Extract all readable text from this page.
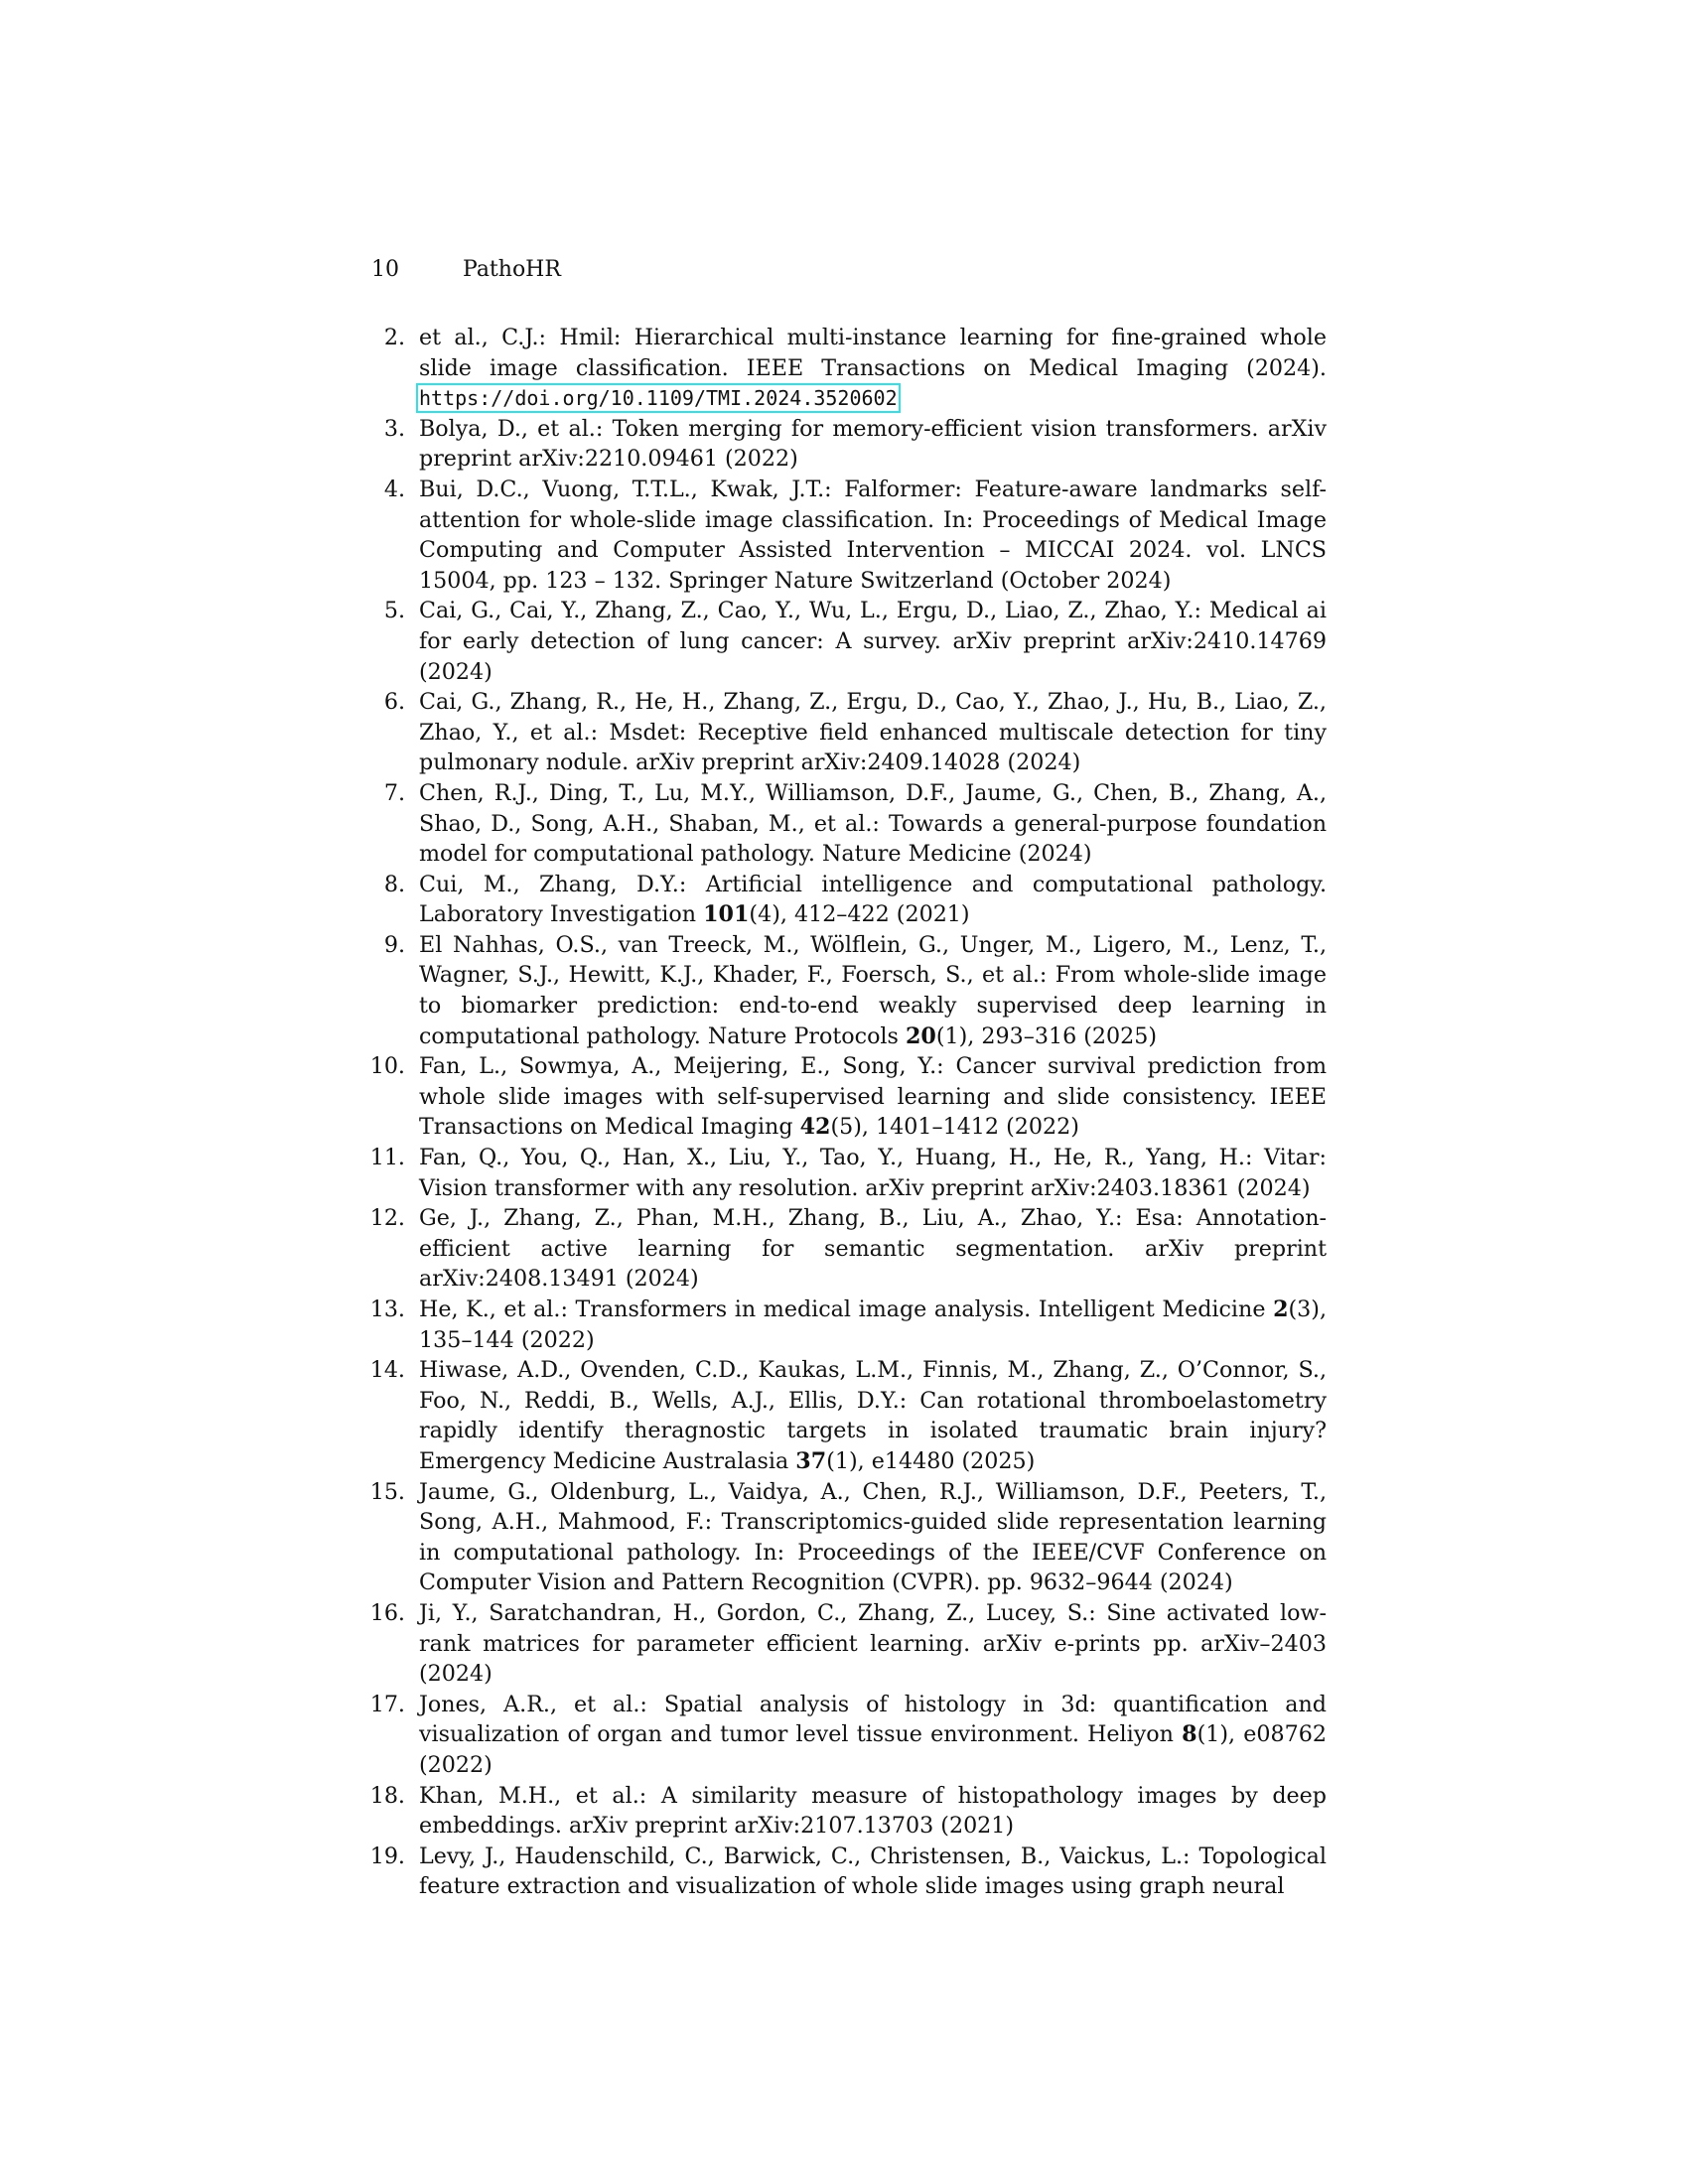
10	PathoHR
2. et al., C.J.: Hmil: Hierarchical multi-instance learning for fine-grained whole slide image classification. IEEE Transactions on Medical Imaging (2024). https://doi.org/10.1109/TMI.2024.3520602
3. Bolya, D., et al.: Token merging for memory-efficient vision transformers. arXiv preprint arXiv:2210.09461 (2022)
4. Bui, D.C., Vuong, T.T.L., Kwak, J.T.: Falformer: Feature-aware landmarks self-attention for whole-slide image classification. In: Proceedings of Medical Image Computing and Computer Assisted Intervention – MICCAI 2024. vol. LNCS 15004, pp. 123 – 132. Springer Nature Switzerland (October 2024)
5. Cai, G., Cai, Y., Zhang, Z., Cao, Y., Wu, L., Ergu, D., Liao, Z., Zhao, Y.: Medical ai for early detection of lung cancer: A survey. arXiv preprint arXiv:2410.14769 (2024)
6. Cai, G., Zhang, R., He, H., Zhang, Z., Ergu, D., Cao, Y., Zhao, J., Hu, B., Liao, Z., Zhao, Y., et al.: Msdet: Receptive field enhanced multiscale detection for tiny pulmonary nodule. arXiv preprint arXiv:2409.14028 (2024)
7. Chen, R.J., Ding, T., Lu, M.Y., Williamson, D.F., Jaume, G., Chen, B., Zhang, A., Shao, D., Song, A.H., Shaban, M., et al.: Towards a general-purpose foundation model for computational pathology. Nature Medicine (2024)
8. Cui, M., Zhang, D.Y.: Artificial intelligence and computational pathology. Laboratory Investigation 101(4), 412–422 (2021)
9. El Nahhas, O.S., van Treeck, M., Wölflein, G., Unger, M., Ligero, M., Lenz, T., Wagner, S.J., Hewitt, K.J., Khader, F., Foersch, S., et al.: From whole-slide image to biomarker prediction: end-to-end weakly supervised deep learning in computational pathology. Nature Protocols 20(1), 293–316 (2025)
10. Fan, L., Sowmya, A., Meijering, E., Song, Y.: Cancer survival prediction from whole slide images with self-supervised learning and slide consistency. IEEE Transactions on Medical Imaging 42(5), 1401–1412 (2022)
11. Fan, Q., You, Q., Han, X., Liu, Y., Tao, Y., Huang, H., He, R., Yang, H.: Vitar: Vision transformer with any resolution. arXiv preprint arXiv:2403.18361 (2024)
12. Ge, J., Zhang, Z., Phan, M.H., Zhang, B., Liu, A., Zhao, Y.: Esa: Annotation-efficient active learning for semantic segmentation. arXiv preprint arXiv:2408.13491 (2024)
13. He, K., et al.: Transformers in medical image analysis. Intelligent Medicine 2(3), 135–144 (2022)
14. Hiwase, A.D., Ovenden, C.D., Kaukas, L.M., Finnis, M., Zhang, Z., O’Connor, S., Foo, N., Reddi, B., Wells, A.J., Ellis, D.Y.: Can rotational thromboelastometry rapidly identify theragnostic targets in isolated traumatic brain injury? Emergency Medicine Australasia 37(1), e14480 (2025)
15. Jaume, G., Oldenburg, L., Vaidya, A., Chen, R.J., Williamson, D.F., Peeters, T., Song, A.H., Mahmood, F.: Transcriptomics-guided slide representation learning in computational pathology. In: Proceedings of the IEEE/CVF Conference on Computer Vision and Pattern Recognition (CVPR). pp. 9632–9644 (2024)
16. Ji, Y., Saratchandran, H., Gordon, C., Zhang, Z., Lucey, S.: Sine activated low-rank matrices for parameter efficient learning. arXiv e-prints pp. arXiv–2403 (2024)
17. Jones, A.R., et al.: Spatial analysis of histology in 3d: quantification and visualization of organ and tumor level tissue environment. Heliyon 8(1), e08762 (2022)
18. Khan, M.H., et al.: A similarity measure of histopathology images by deep embeddings. arXiv preprint arXiv:2107.13703 (2021)
19. Levy, J., Haudenschild, C., Barwick, C., Christensen, B., Vaickus, L.: Topological feature extraction and visualization of whole slide images using graph neural
